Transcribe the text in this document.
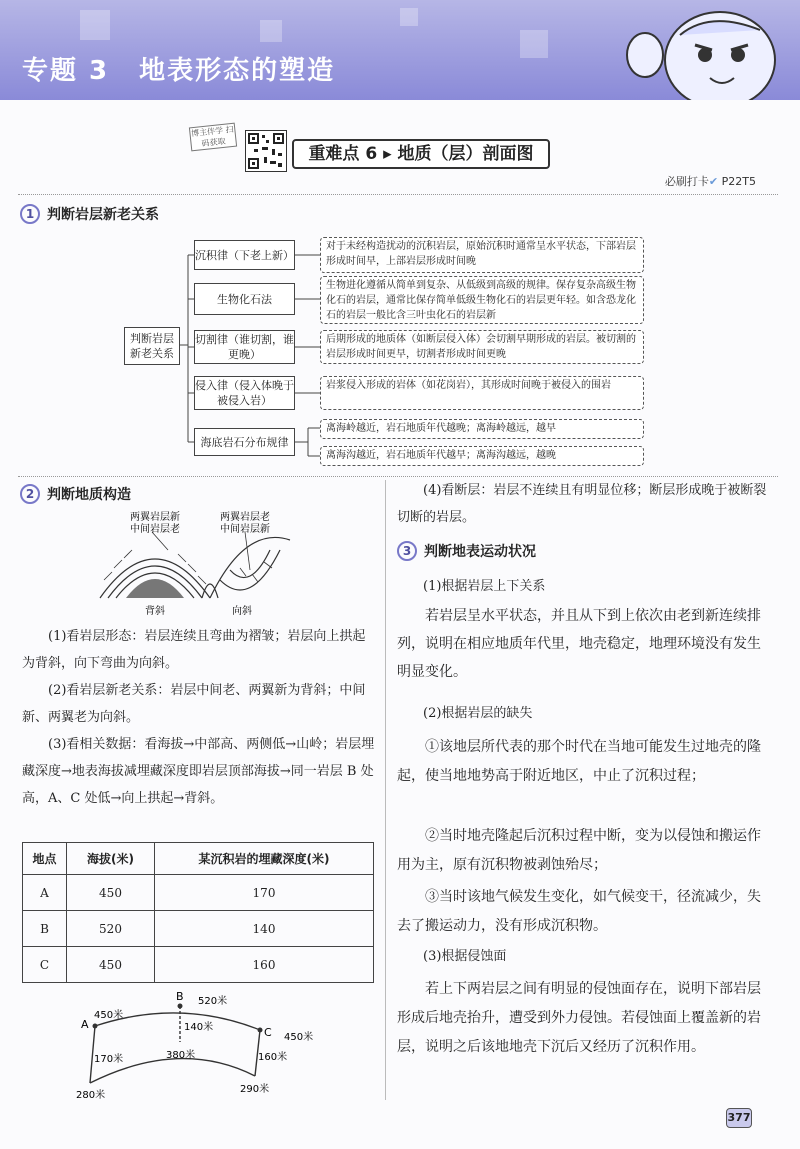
专题 3 地表形态的塑造
博主伴学 扫码获取
重难点 6 ▸ 地质（层）剖面图
必刷打卡✔ P22T5
1 判断岩层新老关系
判断岩层新老关系
沉积律（下老上新）
生物化石法
切割律（谁切割，谁更晚）
侵入律（侵入体晚于被侵入岩）
海底岩石分布规律
对于未经构造扰动的沉积岩层，原始沉积时通常呈水平状态，下部岩层形成时间早，上部岩层形成时间晚
生物进化遵循从简单到复杂、从低级到高级的规律。保存复杂高级生物化石的岩层，通常比保存简单低级生物化石的岩层更年轻。如含恐龙化石的岩层一般比含三叶虫化石的岩层新
后期形成的地质体（如断层侵入体）会切割早期形成的岩层。被切割的岩层形成时间更早，切割者形成时间更晚
岩浆侵入形成的岩体（如花岗岩），其形成时间晚于被侵入的围岩
离海岭越近，岩石地质年代越晚；离海岭越远，越早
离海沟越近，岩石地质年代越早；离海沟越远，越晚
2 判断地质构造
两翼岩层新
中间岩层老
两翼岩层老
中间岩层新
背斜	向斜
(1)看岩层形态：岩层连续且弯曲为褶皱；岩层向上拱起为背斜，向下弯曲为向斜。
(2)看岩层新老关系：岩层中间老、两翼新为背斜；中间新、两翼老为向斜。
(3)看相关数据：看海拔→中部高、两侧低→山岭；岩层埋藏深度→地表海拔减埋藏深度即岩层顶部海拔→同一岩层 B 处高，A、C 处低→向上拱起→背斜。
地点	海拔(米)	某沉积岩的埋藏深度(米)
A	450	170
B	520	140
C	450	160
A
B
C
450米
520米
450米
170米
140米
160米
380米
280米
290米
(4)看断层：岩层不连续且有明显位移；断层形成晚于被断裂切断的岩层。
3 判断地表运动状况
(1)根据岩层上下关系
若岩层呈水平状态，并且从下到上依次由老到新连续排列，说明在相应地质年代里，地壳稳定，地理环境没有发生明显变化。
(2)根据岩层的缺失
①该地层所代表的那个时代在当地可能发生过地壳的隆起，使当地地势高于附近地区，中止了沉积过程；
②当时地壳隆起后沉积过程中断，变为以侵蚀和搬运作用为主，原有沉积物被剥蚀殆尽；
③当时该地气候发生变化，如气候变干，径流减少，失去了搬运动力，没有形成沉积物。
(3)根据侵蚀面
若上下两岩层之间有明显的侵蚀面存在，说明下部岩层形成后地壳抬升，遭受到外力侵蚀。若侵蚀面上覆盖新的岩层，说明之后该地地壳下沉后又经历了沉积作用。
377
